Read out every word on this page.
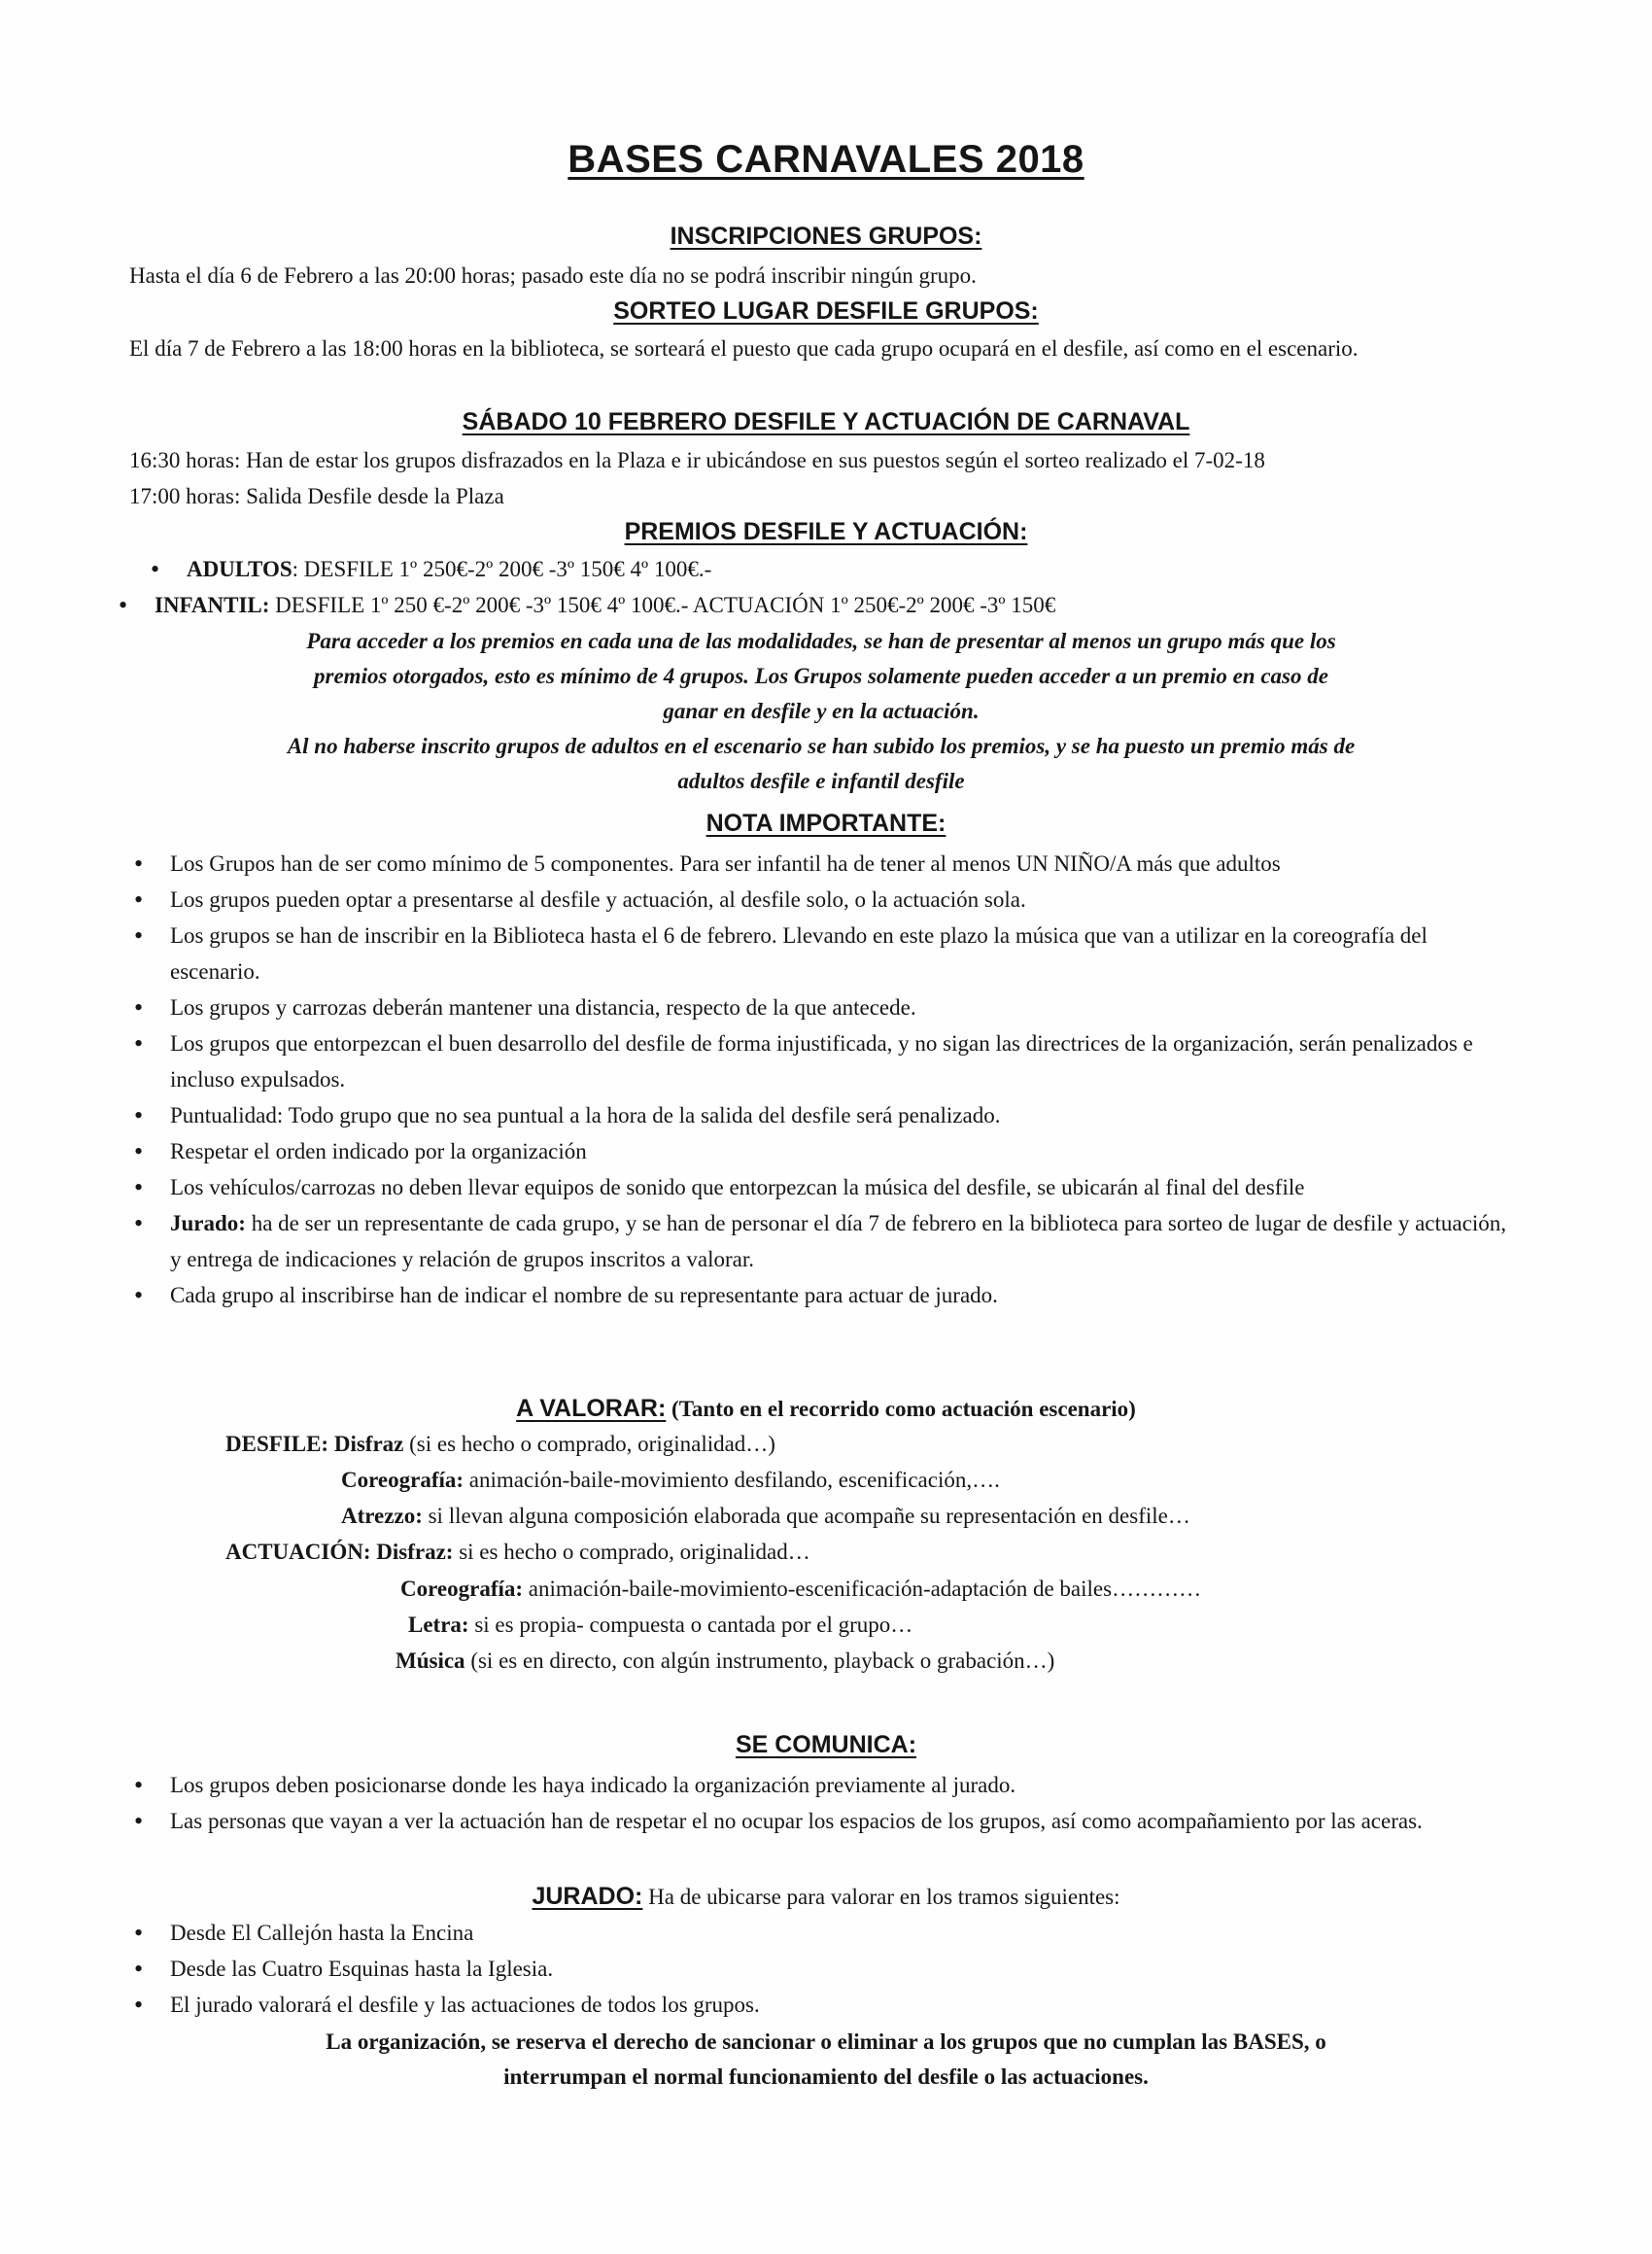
BASES CARNAVALES 2018
INSCRIPCIONES GRUPOS:
Hasta el día 6 de Febrero a las 20:00 horas; pasado este día no se podrá inscribir ningún grupo.
SORTEO LUGAR DESFILE GRUPOS:
El día 7 de Febrero a las 18:00 horas en la biblioteca, se sorteará el puesto que cada grupo ocupará en el desfile, así como en el escenario.
SÁBADO 10 FEBRERO DESFILE Y ACTUACIÓN DE CARNAVAL
16:30 horas: Han de estar los grupos disfrazados en la Plaza e ir ubicándose en sus puestos según el sorteo realizado el 7-02-18
17:00 horas: Salida Desfile desde la Plaza
PREMIOS DESFILE Y ACTUACIÓN:
• ADULTOS: DESFILE 1º 250€-2º 200€ -3º 150€ 4º 100€.-
• INFANTIL: DESFILE 1º 250 €-2º 200€ -3º 150€ 4º 100€.- ACTUACIÓN 1º 250€-2º 200€ -3º 150€
Para acceder a los premios en cada una de las modalidades, se han de presentar al menos un grupo más que los
premios otorgados, esto es mínimo de 4 grupos. Los Grupos solamente pueden acceder a un premio en caso de
ganar en desfile y en la actuación.
Al no haberse inscrito grupos de adultos en el escenario se han subido los premios, y se ha puesto un premio más de
adultos desfile e infantil desfile
NOTA IMPORTANTE:
• Los Grupos han de ser como mínimo de 5 componentes. Para ser infantil ha de tener al menos UN NIÑO/A más que adultos
• Los grupos pueden optar a presentarse al desfile y actuación, al desfile solo, o la actuación sola.
• Los grupos se han de inscribir en la Biblioteca hasta el 6 de febrero. Llevando en este plazo la música que van a utilizar en la coreografía del escenario.
• Los grupos y carrozas deberán mantener una distancia, respecto de la que antecede.
• Los grupos que entorpezcan el buen desarrollo del desfile de forma injustificada, y no sigan las directrices de la organización, serán penalizados e incluso expulsados.
• Puntualidad: Todo grupo que no sea puntual a la hora de la salida del desfile será penalizado.
• Respetar el orden indicado por la organización
• Los vehículos/carrozas no deben llevar equipos de sonido que entorpezcan la música del desfile, se ubicarán al final del desfile
• Jurado: ha de ser un representante de cada grupo, y se han de personar el día 7 de febrero en la biblioteca para sorteo de lugar de desfile y actuación, y entrega de indicaciones y relación de grupos inscritos a valorar.
• Cada grupo al inscribirse han de indicar el nombre de su representante para actuar de jurado.
A VALORAR: (Tanto en el recorrido como actuación escenario)
DESFILE: Disfraz (si es hecho o comprado, originalidad…)
Coreografía: animación-baile-movimiento desfilando, escenificación,….
Atrezzo: si llevan alguna composición elaborada que acompañe su representación en desfile…
ACTUACIÓN: Disfraz: si es hecho o comprado, originalidad…
Coreografía: animación-baile-movimiento-escenificación-adaptación de bailes…………
Letra: si es propia- compuesta o cantada por el grupo…
Música (si es en directo, con algún instrumento, playback o grabación…)
SE COMUNICA:
• Los grupos deben posicionarse donde les haya indicado la organización previamente al jurado.
• Las personas que vayan a ver la actuación han de respetar el no ocupar los espacios de los grupos, así como acompañamiento por las aceras.
JURADO: Ha de ubicarse para valorar en los tramos siguientes:
• Desde El Callejón hasta la Encina
• Desde las Cuatro Esquinas hasta la Iglesia.
• El jurado valorará el desfile y las actuaciones de todos los grupos.
La organización, se reserva el derecho de sancionar o eliminar a los grupos que no cumplan las BASES, o
interrumpan el normal funcionamiento del desfile o las actuaciones.
